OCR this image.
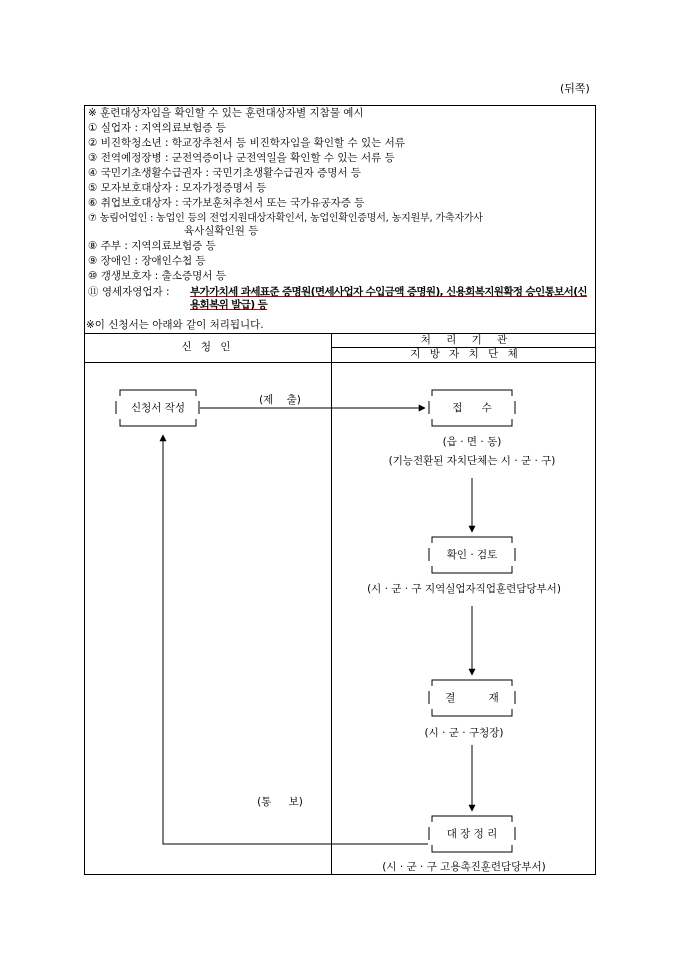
(뒤쪽)
※ 훈련대상자임을 확인할 수 있는 훈련대상자별 지참물 예시
① 실업자 : 지역의료보험증 등
② 비진학청소년 : 학교장추천서 등 비진학자임을 확인할 수 있는 서류
③ 전역예정장병 : 군전역증이나 군전역일을 확인할 수 있는 서류 등
④ 국민기초생활수급권자 : 국민기초생활수급권자 증명서 등
⑤ 모자보호대상자 : 모자가정증명서 등
⑥ 취업보호대상자 : 국가보훈처추천서 또는 국가유공자증 등
⑦ 농림어업인 : 농업인 등의 전업지원대상자확인서, 농업인확인증명서, 농지원부, 가축자가사
육사실확인원 등
⑧ 주부 : 지역의료보험증 등
⑨ 장애인 : 장애인수첩 등
⑩ 갱생보호자 : 출소증명서 등
⑪ 영세자영업자 : 부가가치세 과세표준 증명원(면세사업자 수입금액 증명원), 신용회복지원확정 승인통보서(신
용회복위 발급) 등
※이 신청서는 아래와 같이 처리됩니다.
신 청 인
처 리 기 관
지 방 자 치 단 체
신청서 작성
(제 출)
(통 보)
접 수
(읍 · 면 · 동)
(기능전환된 자치단체는 시 · 군 · 구)
확인 · 검토
(시 · 군 · 구 지역실업자직업훈련담당부서)
결 재
(시 · 군 · 구청장)
대 장 정 리
(시 · 군 · 구 고용촉진훈련담당부서)
